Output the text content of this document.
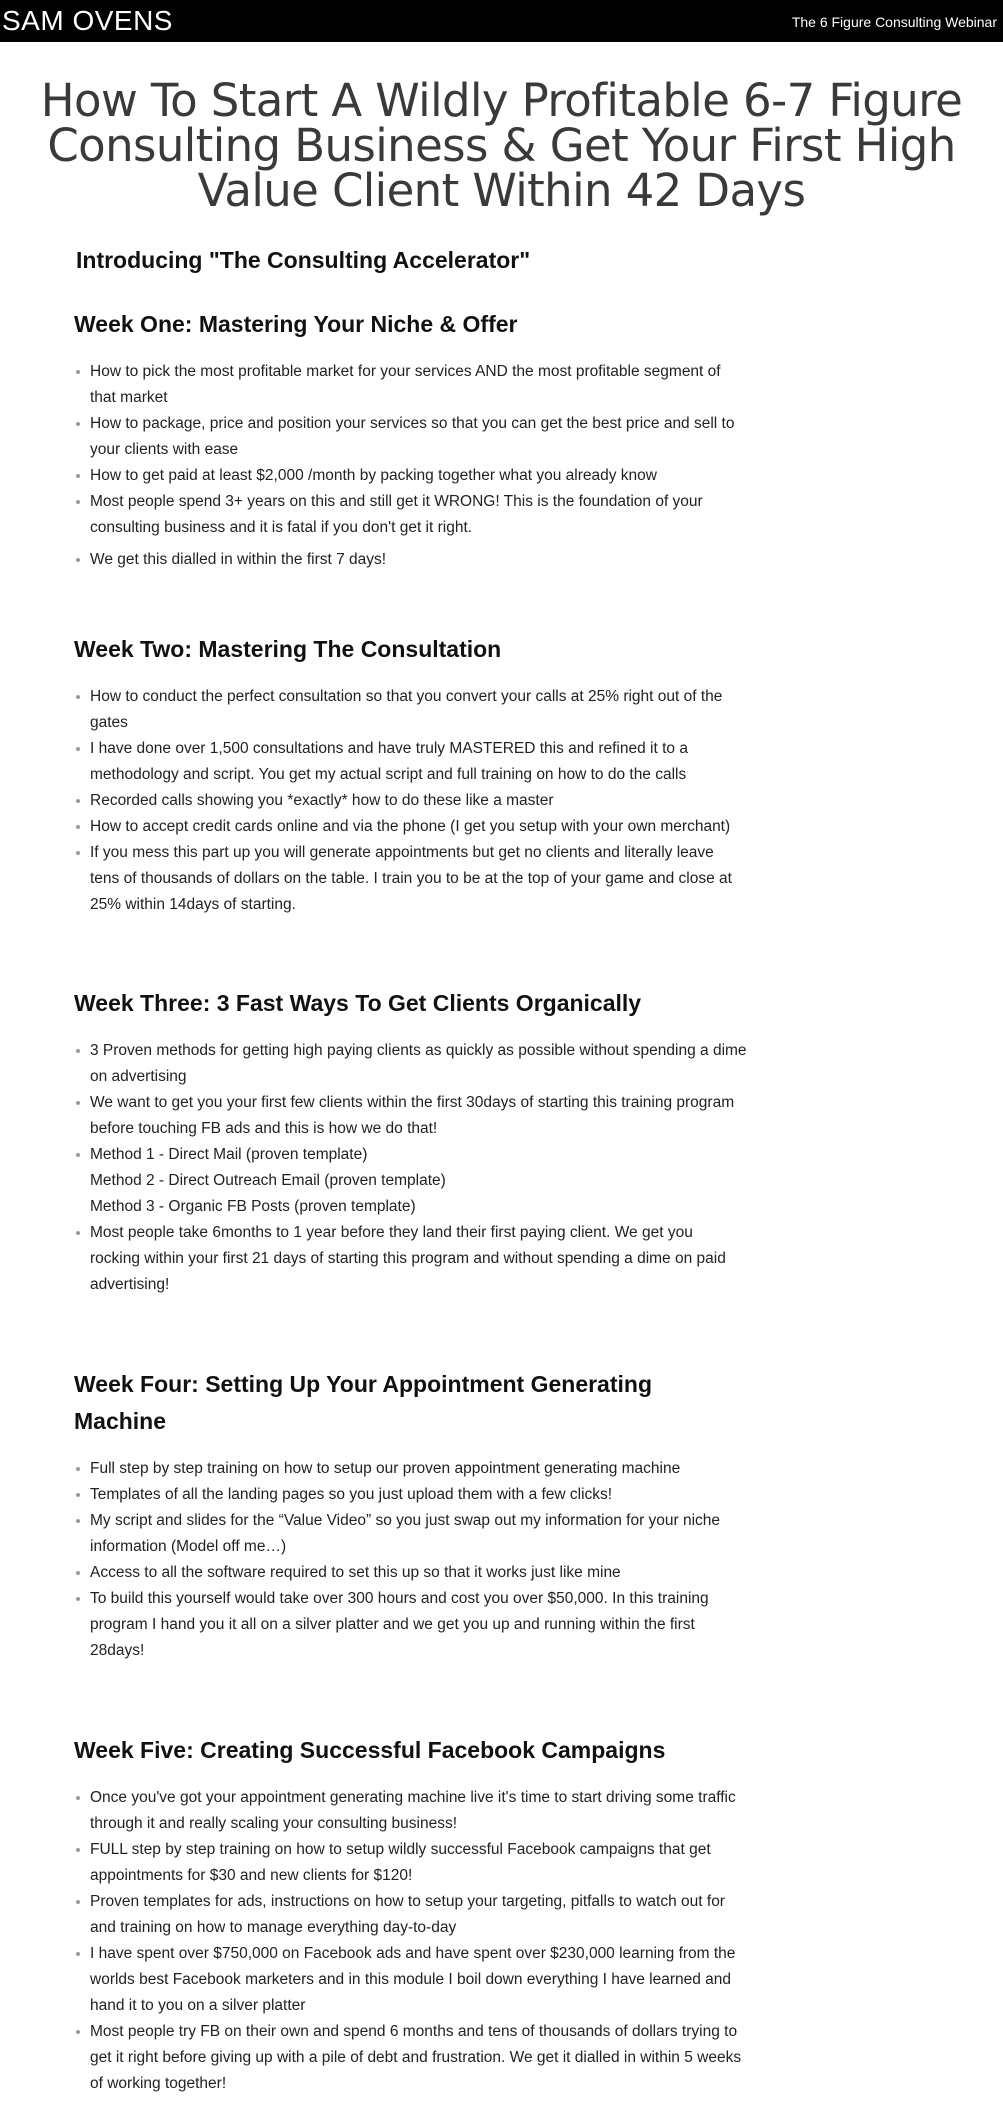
SAM OVENS	The 6 Figure Consulting Webinar
How To Start A Wildly Profitable 6-7 Figure Consulting Business & Get Your First High Value Client Within 42 Days
Introducing "The Consulting Accelerator"
Week One: Mastering Your Niche & Offer
How to pick the most profitable market for your services AND the most profitable segment of
that market
How to package, price and position your services so that you can get the best price and sell to
your clients with ease
How to get paid at least $2,000 /month by packing together what you already know
Most people spend 3+ years on this and still get it WRONG! This is the foundation of your
consulting business and it is fatal if you don't get it right.
We get this dialled in within the first 7 days!
Week Two: Mastering The Consultation
How to conduct the perfect consultation so that you convert your calls at 25% right out of the
gates
I have done over 1,500 consultations and have truly MASTERED this and refined it to a
methodology and script. You get my actual script and full training on how to do the calls
Recorded calls showing you *exactly* how to do these like a master
How to accept credit cards online and via the phone (I get you setup with your own merchant)
If you mess this part up you will generate appointments but get no clients and literally leave
tens of thousands of dollars on the table. I train you to be at the top of your game and close at
25% within 14days of starting.
Week Three: 3 Fast Ways To Get Clients Organically
3 Proven methods for getting high paying clients as quickly as possible without spending a dime
on advertising
We want to get you your first few clients within the first 30days of starting this training program
before touching FB ads and this is how we do that!
Method 1 - Direct Mail (proven template)
Method 2 - Direct Outreach Email (proven template)
Method 3 - Organic FB Posts (proven template)
Most people take 6months to 1 year before they land their first paying client. We get you
rocking within your first 21 days of starting this program and without spending a dime on paid
advertising!
Week Four: Setting Up Your Appointment Generating
Machine
Full step by step training on how to setup our proven appointment generating machine
Templates of all the landing pages so you just upload them with a few clicks!
My script and slides for the “Value Video” so you just swap out my information for your niche
information (Model off me…)
Access to all the software required to set this up so that it works just like mine
To build this yourself would take over 300 hours and cost you over $50,000. In this training
program I hand you it all on a silver platter and we get you up and running within the first
28days!
Week Five: Creating Successful Facebook Campaigns
Once you've got your appointment generating machine live it's time to start driving some traffic
through it and really scaling your consulting business!
FULL step by step training on how to setup wildly successful Facebook campaigns that get
appointments for $30 and new clients for $120!
Proven templates for ads, instructions on how to setup your targeting, pitfalls to watch out for
and training on how to manage everything day-to-day
I have spent over $750,000 on Facebook ads and have spent over $230,000 learning from the
worlds best Facebook marketers and in this module I boil down everything I have learned and
hand it to you on a silver platter
Most people try FB on their own and spend 6 months and tens of thousands of dollars trying to
get it right before giving up with a pile of debt and frustration. We get it dialled in within 5 weeks
of working together!
